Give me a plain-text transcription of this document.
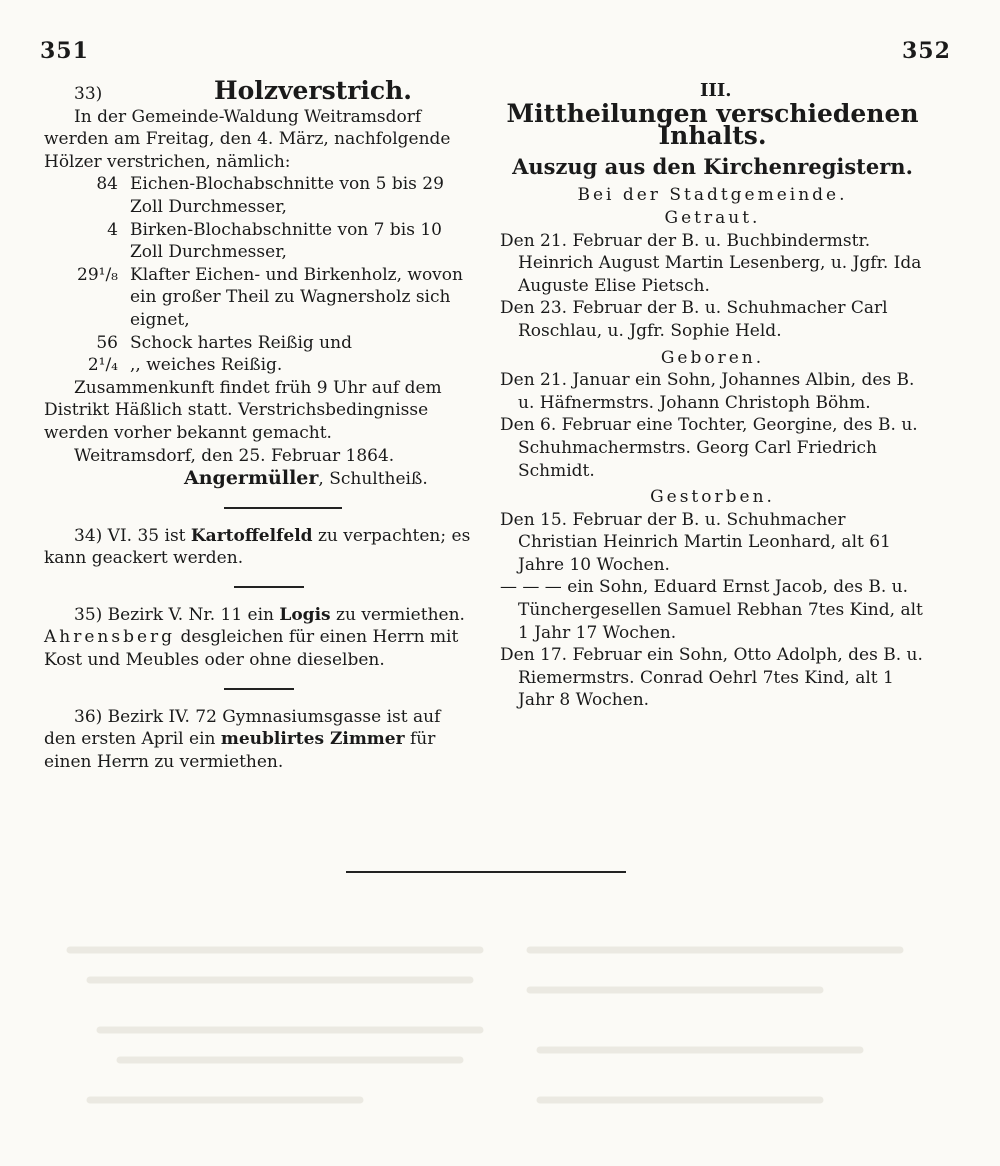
351	352
33)	Holzverstrich.

In der Gemeinde-Waldung Weitramsdorf werden am Freitag, den 4. März, nachfolgende Hölzer verstrichen, nämlich:

84 Eichen-Blochabschnitte von 5 bis 29 Zoll Durchmesser,
4 Birken-Blochabschnitte von 7 bis 10 Zoll Durchmesser,
29¹/₈ Klafter Eichen- und Birkenholz, wovon ein großer Theil zu Wagnersholz sich eignet,
56 Schock hartes Reißig und
2¹/₄ ,, weiches Reißig.

Zusammenkunft findet früh 9 Uhr auf dem Distrikt Häßlich statt. Verstrichsbedingnisse werden vorher bekannt gemacht.

Weitramsdorf, den 25. Februar 1864.

Angermüller, Schultheiß.

34) VI. 35 ist Kartoffelfeld zu verpachten; es kann geackert werden.

35) Bezirk V. Nr. 11 ein Logis zu vermiethen. Ahrensberg desgleichen für einen Herrn mit Kost und Meubles oder ohne dieselben.

36) Bezirk IV. 72 Gymnasiumsgasse ist auf den ersten April ein meublirtes Zimmer für einen Herrn zu vermiethen.

III.
Mittheilungen verschiedenen Inhalts.
Auszug aus den Kirchenregistern.
Bei der Stadtgemeinde.
Getraut.

Den 21. Februar der B. u. Buchbindermstr. Heinrich August Martin Lesenberg, u. Jgfr. Ida Auguste Elise Pietsch.

Den 23. Februar der B. u. Schuhmacher Carl Roschlau, u. Jgfr. Sophie Held.

Geboren.

Den 21. Januar ein Sohn, Johannes Albin, des B. u. Häfnermstrs. Johann Christoph Böhm.

Den 6. Februar eine Tochter, Georgine, des B. u. Schuhmachermstrs. Georg Carl Friedrich Schmidt.

Gestorben.

Den 15. Februar der B. u. Schuhmacher Christian Heinrich Martin Leonhard, alt 61 Jahre 10 Wochen.

— — — ein Sohn, Eduard Ernst Jacob, des B. u. Tünchergesellen Samuel Rebhan 7tes Kind, alt 1 Jahr 17 Wochen.

Den 17. Februar ein Sohn, Otto Adolph, des B. u. Riemermstrs. Conrad Oehrl 7tes Kind, alt 1 Jahr 8 Wochen.
